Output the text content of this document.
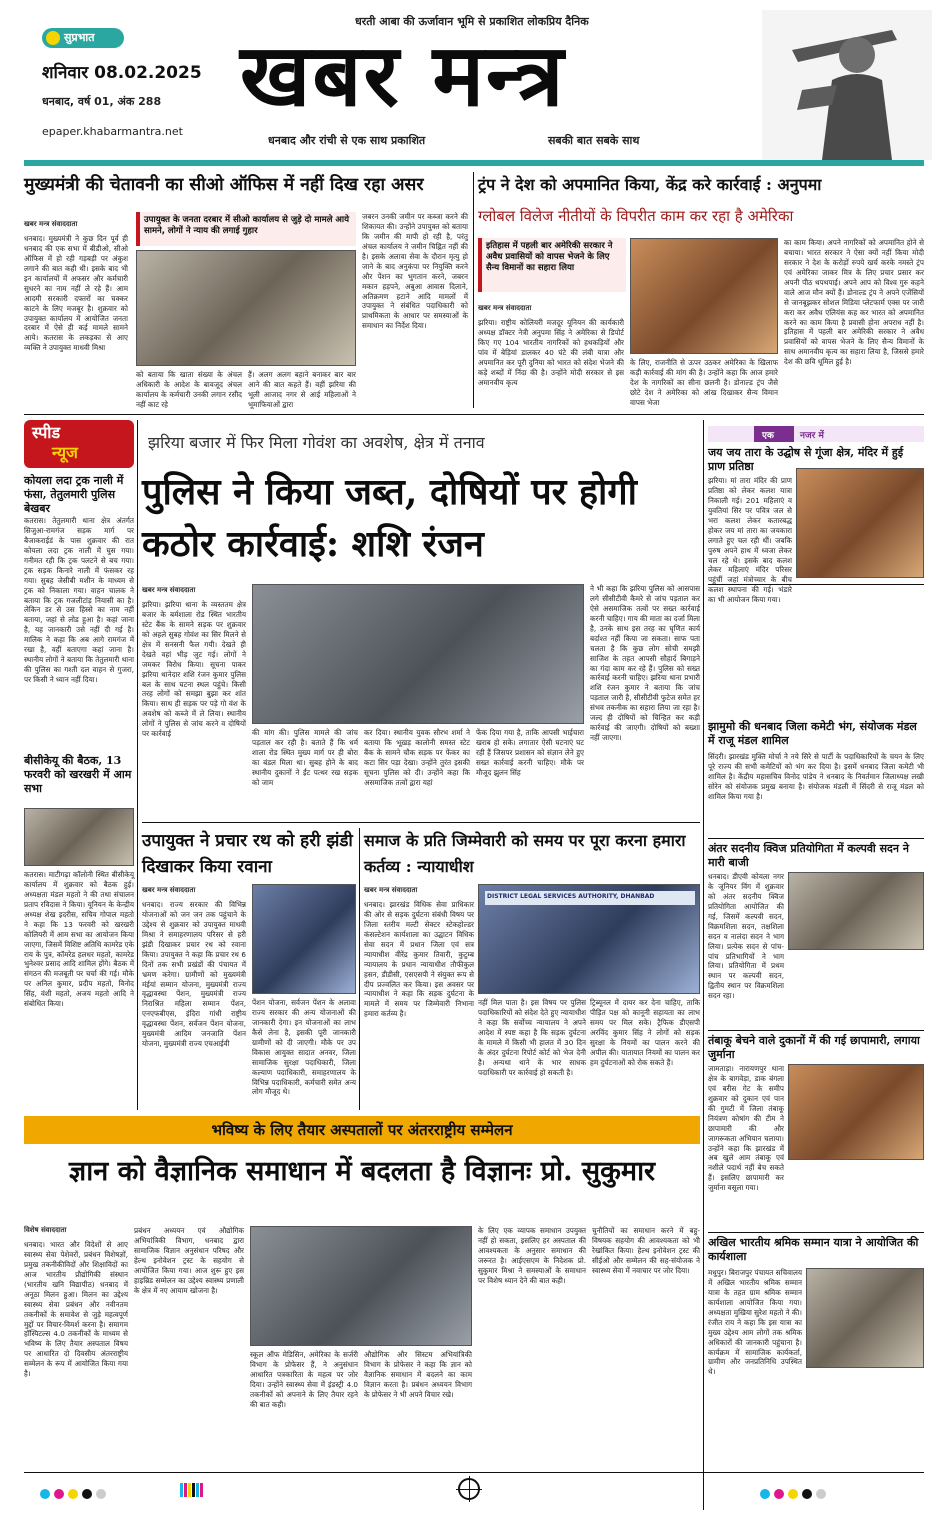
सुप्रभात
शनिवार 08.02.2025
धनबाद, वर्ष 01, अंक 288
epaper.khabarmantra.net
धरती आबा की ऊर्जावान भूमि से प्रकाशित लोकप्रिय दैनिक
खबर मन्त्र
धनबाद और रांची से एक साथ प्रकाशित	सबकी बात सबके साथ
मुख्यमंत्री की चेतावनी का सीओ ऑफिस में नहीं दिख रहा असर
खबर मन्त्र संवाददाता
धनबाद। मुख्यमंत्री ने कुछ दिन पूर्व ही धनबाद की एक सभा में बीडीओ, सीओ ऑफिस में हो रही गड़बड़ी पर अंकुश लगाने की बात कही थी। इसके बाद भी इन कार्यालयों में अफसर और कर्मचारी सुधरने का नाम नहीं ले रहे हैं। आम आदमी सरकारी दफ्तरों का चक्कर काटने के लिए मजबूर है। शुक्रवार को उपायुक्त कार्यालय में आयोजित जनता दरबार में ऐसे ही कई मामले सामने आये। कतरास के लकड़का से आए व्यक्ति ने उपायुक्त माधवी मिश्रा
उपायुक्त के जनता दरबार में सीओ कार्यालय से जुड़े दो मामले आये सामने, लोगों ने न्याय की लगाई गुहार
को बताया कि खाता संख्या के अंचल अधिकारी के आदेश के बावजूद अंचल कार्यालय के कर्मचारी उनकी लगान रसीद नहीं काट रहे
हैं। अलग अलग बहाने बनाकर बार बार आने की बात कहते हैं। वहीं झरिया की भूली आजाद नगर से आई महिलाओं ने भूमाफियाओं द्वारा
जबरन उनकी जमीन पर कब्जा करने की शिकायत की। उन्होंने उपायुक्त को बताया कि जमीन की मापी हो रही है, परंतु अंचल कार्यालय ने जमीन चिह्नित नहीं की है। इसके अलावा सेवा के दौरान मृत्यु हो जाने के बाद अनुकंपा पर नियुक्ति करने और पेंशन का भुगतान करने, जबरन मकान हड़पने, अबुआ आवास दिलाने, अतिक्रमण हटाने आदि मामलों में उपायुक्त ने संबंधित पदाधिकारी को प्राथमिकता के आधार पर समस्याओं के समाधान का निर्देश दिया।
ट्रंप ने देश को अपमानित किया, केंद्र करे कार्रवाई : अनुपमा
ग्लोबल विलेज नीतीयों के विपरीत काम कर रहा है अमेरिका
इतिहास में पहली बार अमेरिकी सरकार ने अवैध प्रवासियों को वापस भेजने के लिए सैन्य विमानों का सहारा लिया
खबर मन्त्र संवाददाता
झरिया। राष्ट्रीय कोलियरी मजदूर यूनियन की कार्यकारी अध्यक्ष डॉक्टर नेत्री अनुपमा सिंह ने अमेरिका से डिपोर्ट किए गए 104 भारतीय नागरिकों को हथकड़ियों और पांव में बेड़ियां डालकर 40 घंटे की लंबी यात्रा और अपमानित कर पूरी दुनिया को भारत को संदेश भेजने की कड़े शब्दों में निंदा की है। उन्होंने मोदी सरकार से इस अमानवीय कृत्य
के लिए, राजनीति से ऊपर उठकर अमेरिका के खिलाफ कड़ी कार्रवाई की मांग की है। उन्होंने कहा कि आज हमारे देश के नागरिकों का सीना छलनी है। डोनाल्ड ट्रंप जैसे छोटे देश ने अमेरिका को आंख दिखाकर सैन्य विमान वापस भेजा
का काम किया। अपने नागरिकों को अपमानित होने से बचाया। भारत सरकार ने ऐसा क्यों नहीं किया मोदी सरकार ने देश के करोड़ों रुपये खर्च करके नमस्ते ट्रंप एवं अमेरिका जाकर मित्र के लिए प्रचार प्रसार कर अपनी पीठ थपथपाई। अपने आप को विश्व गुरु कहने वाले आज मौन क्यों हैं। डोनाल्ड ट्रंप ने अपने एजेंसियों से जानबूझकर सोशल मिडिया प्लेटफार्म एक्स पर जारी करा कर अवैध एलियंस कह कर भारत को अपमानित करने का काम किया है प्रवासी होना अपराध नहीं है। इतिहास में पहली बार अमेरिकी सरकार ने अवैध प्रवासियों को वापस भेजने के लिए सैन्य विमानों के साथ अमानवीय कृत्य का सहारा लिया है, जिससे हमारे देश की छवि धूमिल हुई है।
स्पीड
न्यूज
कोयला लदा ट्रक नाली में फंसा, तेतुलमारी पुलिस बेखबर
कतरास। तेतुलमारी थाना क्षेत्र अंतर्गत सिजुआ-रामगंज सड़क मार्ग पर बैजाकराईडं के पास शुक्रवार की रात कोयला लदा ट्रक नाली में घुस गया। गनीमत रही कि ट्रक पलटने से बच गया। ट्रक सड़क किनारे नाली में फंसकर रह गया। सुबह जेसीबी मशीन के माध्यम से ट्रक को निकाला गया। वाहन चालक ने बताया कि ट्रक गजलीटांड़ नियासी का है। लेकिन डर से उस हिस्से का नाम नहीं बताया, जहां से लोड हुआ है। कहां जाना है, यह जानकारी उसे नहीं दी गई है। मालिक ने कहा कि अब आगे रामगंज में रखा है, वहीं बताएगा कहां जाना है। स्थानीय लोगों ने बताया कि तेतुलमारी थाना की पुलिस का गश्ती दल वाहन से गुजरा, पर किसी ने ध्यान नहीं दिया।
बीसीकेयू की बैठक, 13 फरवरी को खरखरी में आम सभा
कतरास। माटीगढ़ा कॉलोनी स्थित बीसीकेयू कार्यालय में शुक्रवार को बैठक हुई। अध्यक्षता मंडल महतो ने की तथा संचालन प्रताप रविदास ने किया। यूनियन के केन्द्रीय अध्यक्ष शेख इदरीस, सचिव गोपाल महतो ने कहा कि 13 फरवरी को खरखरी कोलियरी में आम सभा का आयोजन किया जाएगा, जिसमें विशिष्ट अतिथि कामरेड एके राय के पुत्र, कॉमरेड हलधर महतो, कामरेड भुनेश्वर प्रसाद आदि शामिल होंगे। बैठक में संगठन की मजबूती पर चर्चा की गई। मौके पर अनिल कुमार, प्रदीप महतो, विनोद सिंह, वंशी महतो, अजय महतो आदि ने संबोधित किया।
झरिया बजार में फिर मिला गोवंश का अवशेष, क्षेत्र में तनाव
पुलिस ने किया जब्त, दोषियों पर होगी कठोर कार्रवाई: शशि रंजन
खबर मन्त्र संवाददाता
झरिया। झरिया थाना के व्यस्ततम क्षेत्र बजार के बर्मशाला रोड स्थित भारतीय स्टेट बैंक के सामने सड़क पर शुक्रवार को अहले सुबह गोवंश का सिर मिलने से क्षेत्र में सनसनी फैल गयी। देखते ही देखते वहां भीड़ जुट गई। लोगों ने जमकर विरोध किया। सूचना पाकर झरिया थानेदार शशि रंजन कुमार पुलिस बल के साथ घटना स्थल पहुंचे। किसी तरह लोगों को समझा बुझा कर शांत किया। साथ ही सड़क पर पड़े गो वंश के अवशेष को कब्जे में ले लिया। स्थानीय लोगों ने पुलिस से जांच करने व दोषियों पर कार्रवाई	की मांग की। पुलिस मामले की जांच पड़ताल कर रही है। बताते हैं कि धर्म शाला रोड स्थित मुख्य मार्ग पर ही बोरा का बंडल मिला था। सुबह होने के बाद स्थानीय दुकानों ने ईंट पत्थर रख सड़क को जाम
कर दिया। स्थानीय युवक सौरभ शर्मा ने बताया कि भूख़ड़ कालोनी समस्त स्टेट बैंक के सामने चौक सड़क पर फेंकर का कटा सिर पड़ा देखा। उन्होंने तुरंत इसकी सूचना पुलिस को दी। उन्होंने कहा कि असमाजिक तत्वों द्वारा यहां
फेंक दिया गया है, ताकि आपसी भाईचारा खराब हो सके। लगातार ऐसी घटनाएं घट रही हैं जिसपर प्रशासन को संज्ञान लेने हुए सख्त कार्रवाई करनी चाहिए। मौके पर मौजूद झुलन सिंह
ने भी कहा कि झरिया पुलिस को आसपास लगे सीसीटीवी कैमरे से जांच पड़ताल कर ऐसे असमाजिक तत्वों पर सख्त कार्रवाई करनी चाहिए। गाय की माता का दर्जा मिला है, उनके साथ इस तरह का घृणित कार्य बर्दाश्त नहीं किया जा सकता। साफ पता चलता है कि कुछ लोग सोची समझी साजिश के तहत आपसी सौहार्द बिगाड़ने का गंदा काम कर रहे हैं। पुलिस को सख्त कार्रवाई करनी चाहिए। झरिया थाना प्रभारी शशि रंजन कुमार ने बताया कि जांच पड़ताल जारी है, सीसीटीवी फुटेज समेत हर संभव तकनीक का सहारा लिया जा रहा है। जल्द ही दोषियों को चिन्हित कर कड़ी कार्रवाई की जाएगी। दोषियों को बख्शा नहीं जाएगा।
उपायुक्त ने प्रचार रथ को हरी झंडी दिखाकर किया रवाना
खबर मन्त्र संवाददाता
धनबाद। राज्य सरकार की विभिन्न योजनाओं को जन जन तक पहुंचाने के उद्देश्य से शुक्रवार को उपायुक्त माधवी मिश्रा ने समाहरणालय परिसर से हरी झंडी दिखाकर प्रचार रथ को रवाना किया। उपायुक्त ने कहा कि प्रचार रथ 6 दिनों तक सभी प्रखंडों की पंचायत में भ्रमण करेगा। ग्रामीणों को मुख्यमंत्री मंईयां सम्मान योजना, मुख्यमंत्री राज्य वृद्धावस्था पेंशन, मुख्यमंत्री राज्य निराश्रित महिला सम्मान पेंशन, एनएफबीएस, इंदिरा गांधी राष्ट्रीय वृद्धावस्था पेंशन, सर्वजन पेंशन योजना, मुख्यमंत्री आदिम जनजाति पेंशन योजना, मुख्यमंत्री राज्य एचआईवी
पेंशन योजना, सर्वजन पेंशन के अलावा राज्य सरकार की अन्य योजनाओं की जानकारी देगा। इन योजनाओं का लाभ कैसे लेना है, इसकी पूरी जानकारी ग्रामीणों को दी जाएगी। मौके पर उप विकास आयुक्त सादात अनवर, जिला सामाजिक सुरक्षा पदाधिकारी, जिला कल्याण पदाधिकारी, समाहरणालय के विभिन्न पदाधिकारी, कर्मचारी समेत अन्य लोग मौजूद थे।
समाज के प्रति जिम्मेवारी को समय पर पूरा करना हमारा कर्तव्य : न्यायाधीश
खबर मन्त्र संवाददाता
धनबाद। झारखंड विधिक सेवा प्राधिकार की ओर से सड़क दुर्घटना संबंधी विषय पर जिला स्तरीय मल्टी सेक्टर स्टेकहोल्डर कंसल्टेशन कार्यशाला का उद्घाटन विधिक सेवा सदन में प्रधान जिला एवं सत्र न्यायाधीश वीरेंद्र कुमार तिवारी, कुटुम्ब न्यायालय के प्रधान न्यायाधीश तौफीकुल हसन, डीडीसी, एसएसपी ने संयुक्त रूप से दीप प्रज्वलित कर किया। इस अवसर पर न्यायाधीश ने कहा कि सड़क दुर्घटना के मामले में समय पर जिम्मेवारी निभाना हमारा कर्तव्य है।
DISTRICT LEGAL SERVICES AUTHORITY, DHANBAD
नहीं मिल पाता है। इस विषय पर पुलिस पदाधिकारियों को संदेश देते हुए न्यायाधीश ने कहा कि सर्वोच्च न्यायालय ने अपने आदेश में स्पष्ट कहा है कि सड़क दुर्घटना के मामले में किसी भी हालत में 30 दिन के अंदर दुर्घटना रिपोर्ट कोर्ट को भेज देनी है। अन्यथा थाने के भार साधक पदाधिकारी पर कार्रवाई हो सकती है।
ट्रिब्यूनल में दायर कर देना चाहिए, ताकि पीड़ित पक्ष को कानूनी सहायता का लाभ समय पर मिल सके। ट्रैफिक डीएसपी अरविंद कुमार सिंह ने लोगों को सड़क सुरक्षा के नियमों का पालन करने की अपील की। यातायात नियमों का पालन कर हम दुर्घटनाओं को रोक सकते हैं।
भविष्य के लिए तैयार अस्पतालों पर अंतरराष्ट्रीय सम्मेलन
ज्ञान को वैज्ञानिक समाधान में बदलता है विज्ञानः प्रो. सुकुमार
विशेष संवाददाता
धनबाद। भारत और विदेशों से आए स्वास्थ्य सेवा पेशेवरों, प्रबंधन विशेषज्ञों, प्रमुख तकनीकीविदों और शिक्षाविदों का आज भारतीय प्रौद्योगिकी संस्थान (भारतीय खनि विद्यापीठ) धनबाद में अनूठा मिलन हुआ। मिलन का उद्देश्य स्वास्थ्य सेवा प्रबंधन और नवीनतम तकनीकों के समावेश से जुड़े महत्वपूर्ण मुद्दों पर विचार-विमर्श करना है। समागम हॉस्पिटल्स 4.0 तकनीकों के माध्यम से भविष्य के लिए तैयार अस्पताल विषय पर आधारित दो दिवसीय अंतरराष्ट्रीय सम्मेलन के रूप में आयोजित किया गया है।
प्रबंधन अध्ययन एवं औद्योगिक अभियांत्रिकी विभाग, धनबाद द्वारा सामाजिक विज्ञान अनुसंधान परिषद और हेल्थ इनोवेशन ट्रस्ट के सहयोग से आयोजित किया गया। आज शुरू हुए इस हाइब्रिड सम्मेलन का उद्देश्य स्वास्थ्य प्रणाली के क्षेत्र में नए आयाम खोजना है।
स्कूल ऑफ मेडिसिन, अमेरिका के सर्जरी विभाग के प्रोफेसर हैं, ने अनुसंधान आधारित पत्रकारिता के महत्व पर जोर दिया। उन्होंने स्वास्थ्य सेवा में इंडस्ट्री 4.0 तकनीकों को अपनाने के लिए तैयार रहने की बात कही।
औद्योगिक और सिस्टम अभियांत्रिकी विभाग के प्रोफेसर ने कहा कि ज्ञान को वैज्ञानिक समाधान में बदलने का काम विज्ञान करता है। प्रबंधन अध्ययन विभाग के प्रोफेसर ने भी अपने विचार रखे।
के लिए एक व्यापक समाधान उपयुक्त नहीं हो सकता, इसलिए हर अस्पताल की आवश्यकता के अनुसार समाधान की जरूरत है। आईएसएम के निदेशक प्रो. सुकुमार मिश्रा ने समस्याओं के समाधान पर विशेष ध्यान देने की बात कही।
चुनौतियों का समाधान करने में बहु-विषयक सहयोग की आवश्यकता को भी रेखांकित किया। हेल्थ इनोवेशन ट्रस्ट की सीईओ और सम्मेलन की सह-संयोजक ने स्वास्थ्य सेवा में नवाचार पर जोर दिया।
एक	नजर में
जय जय तारा के उद्घोष से गूंजा क्षेत्र, मंदिर में हुई प्राण प्रतिष्ठा
झरिया। मां तारा मंदिर की प्राण प्रतिष्ठा को लेकर कलश यात्रा निकाली गई। 201 महिलाएं व युवतियां सिर पर पवित्र जल से भरा कलश लेकर कतारबद्ध होकर जय मां तारा का जयकारा लगाते हुए चल रही थीं। जबकि पुरुष अपने हाथ में ध्वजा लेकर चल रहे थे। इसके बाद कलश लेकर महिलाएं मंदिर परिसर पहुंचीं जहां मंत्रोच्चार के बीच कलश स्थापना की गई। भंडारे का भी आयोजन किया गया।
झामुमो की धनबाद जिला कमेटी भंग, संयोजक मंडल में राजू मंडल शामिल
सिंदरी। झारखंड मुक्ति मोर्चा ने नये सिरे से पार्टी के पदाधिकारियों के चयन के लिए पूरे राज्य की सभी कमेटियों को भंग कर दिया है। इसमें धनबाद जिला कमेटी भी शामिल है। केंद्रीय महासचिव विनोद पांडेय ने धनबाद के निवर्तमान जिलाध्यक्ष लखी सोरेन को संयोजक प्रमुख बनाया है। संयोजक मंडली में सिंदरी से राजू मंडल को शामिल किया गया है।
अंतर सदनीय क्विज प्रतियोगिता में कल्पवी सदन ने मारी बाजी
धनबाद। डीएवी कोयला नगर के जूनियर विंग में शुक्रवार को अंतर सदनीय क्विज प्रतियोगिता आयोजित की गई, जिसमें कल्पवी सदन, विक्रमशिला सदन, तक्षशिला सदन व नालंदा सदन ने भाग लिया। प्रत्येक सदन से पांच-पांच प्रतिभागियों ने भाग लिया। प्रतियोगिता में प्रथम स्थान पर कल्पवी सदन, द्वितीय स्थान पर विक्रमशिला सदन रहा।
तंबाकू बेचने वाले दुकानों में की गई छापामारी, लगाया जुर्माना
जामताड़ा। नारायणपुर थाना क्षेत्र के बागवेड़ा, डाक बंगला एवं बरीस गेट के समीप शुक्रवार को दुकान एवं पान की गुमटी में जिला तंबाकू नियंत्रण कोषांग की टीम ने छापामारी की और जागरूकता अभियान चलाया। उन्होंने कहा कि झारखंड में अब खुले आम तंबाकू एवं नशीले पदार्थ नहीं बेच सकते हैं। इसलिए छापामारी कर जुर्माना वसूला गया।
अखिल भारतीय श्रमिक सम्मान यात्रा ने आयोजित की कार्यशाला
मधुपुर। बिराजपुर पंचायत सचिवालय में अखिल भारतीय श्रमिक सम्मान यात्रा के तहत ग्राम श्रमिक सम्मान कार्यशाला आयोजित किया गया। अध्यक्षता मुखिया सुरेश महतो ने की। रंजीत राय ने कहा कि इस यात्रा का मुख्य उद्देश्य आम लोगों तक श्रमिक अधिकारों की जानकारी पहुंचाना है। कार्यक्रम में सामाजिक कार्यकर्ता, ग्रामीण और जनप्रतिनिधि उपस्थित थे।
